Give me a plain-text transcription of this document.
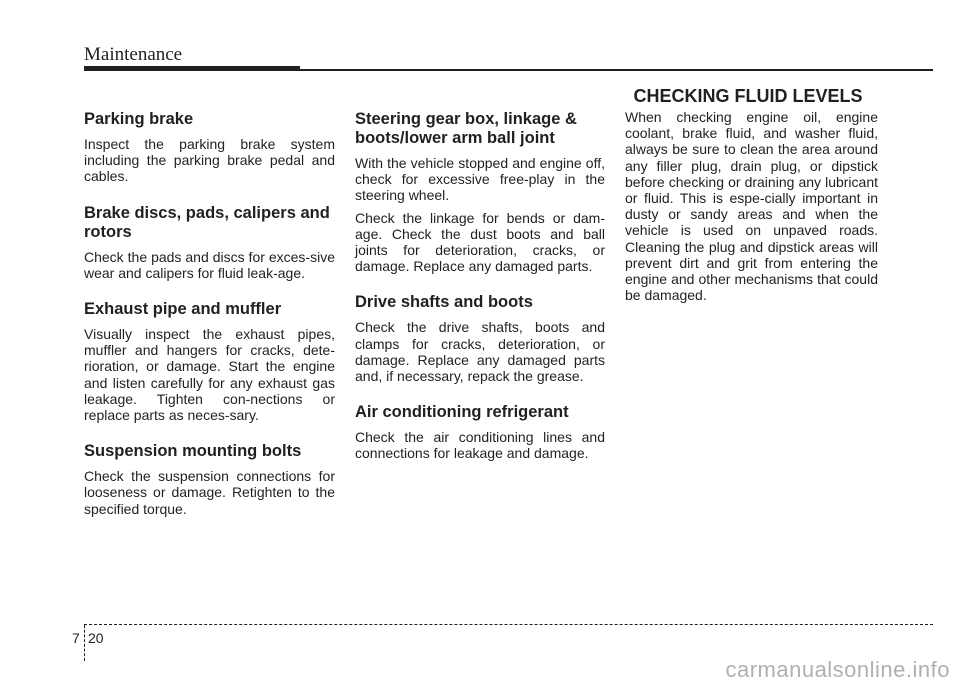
Maintenance
Parking brake

Inspect the parking brake system including the parking brake pedal and cables.

Brake discs, pads, calipers and rotors

Check the pads and discs for exces-sive wear and calipers for fluid leak-age.

Exhaust pipe and muffler

Visually inspect the exhaust pipes, muffler and hangers for cracks, dete-rioration, or damage. Start the engine and listen carefully for any exhaust gas leakage. Tighten con-nections or replace parts as neces-sary.

Suspension mounting bolts

Check the suspension connections for looseness or damage. Retighten to the specified torque.

Steering gear box, linkage & boots/lower arm ball joint

With the vehicle stopped and engine off, check for excessive free-play in the steering wheel.

Check the linkage for bends or dam-age. Check the dust boots and ball joints for deterioration, cracks, or damage. Replace any damaged parts.

Drive shafts and boots

Check the drive shafts, boots and clamps for cracks, deterioration, or damage. Replace any damaged parts and, if necessary, repack the grease.

Air conditioning refrigerant

Check the air conditioning lines and connections for leakage and damage.

CHECKING FLUID LEVELS

When checking engine oil, engine coolant, brake fluid, and washer fluid, always be sure to clean the area around any filler plug, drain plug, or dipstick before checking or draining any lubricant or fluid. This is espe-cially important in dusty or sandy areas and when the vehicle is used on unpaved roads. Cleaning the plug and dipstick areas will prevent dirt and grit from entering the engine and other mechanisms that could be damaged.

7 20
carmanualsonline.info
